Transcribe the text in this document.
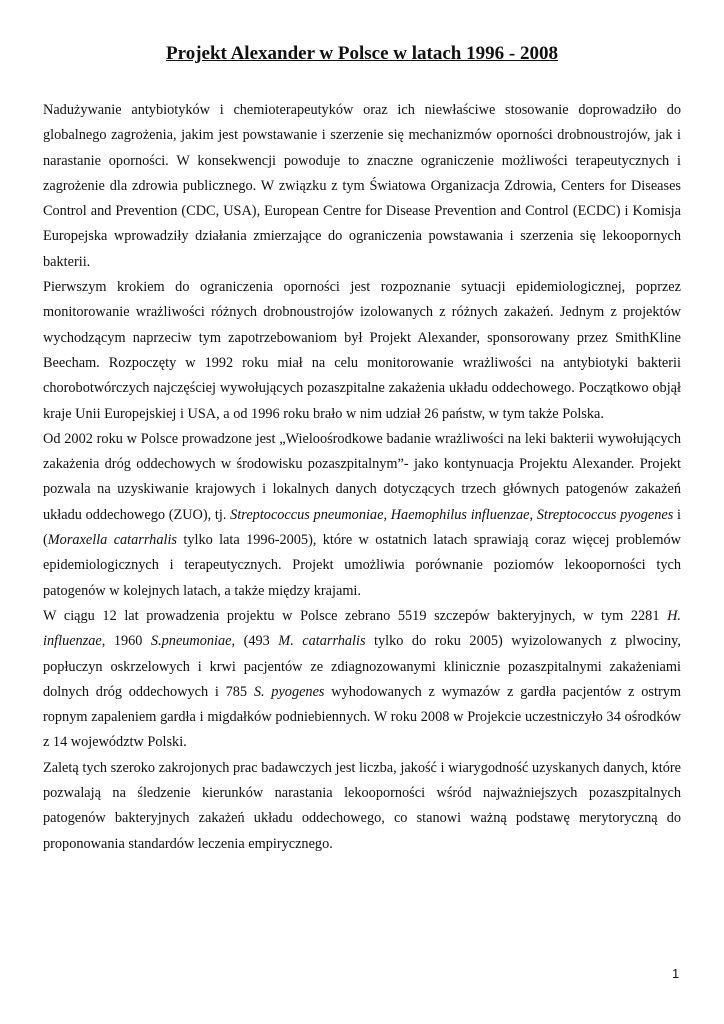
Projekt Alexander w Polsce w latach 1996 - 2008

Nadużywanie antybiotyków i chemioterapeutyków oraz ich niewłaściwe stosowanie doprowadziło do globalnego zagrożenia, jakim jest powstawanie i szerzenie się mechanizmów oporności drobnoustrojów, jak i narastanie oporności. W konsekwencji powoduje to znaczne ograniczenie możliwości terapeutycznych i zagrożenie dla zdrowia publicznego. W związku z tym Światowa Organizacja Zdrowia, Centers for Diseases Control and Prevention (CDC, USA), European Centre for Disease Prevention and Control (ECDC) i Komisja Europejska wprowadziły działania zmierzające do ograniczenia powstawania i szerzenia się lekoopornych bakterii.

Pierwszym krokiem do ograniczenia oporności jest rozpoznanie sytuacji epidemiologicznej, poprzez monitorowanie wrażliwości różnych drobnoustrojów izolowanych z różnych zakażeń. Jednym z projektów wychodzącym naprzeciw tym zapotrzebowaniom był Projekt Alexander, sponsorowany przez SmithKline Beecham. Rozpoczęty w 1992 roku miał na celu monitorowanie wrażliwości na antybiotyki bakterii chorobotwórczych najczęściej wywołujących pozaszpitalne zakażenia układu oddechowego. Początkowo objął kraje Unii Europejskiej i USA, a od 1996 roku brało w nim udział 26 państw, w tym także Polska.

Od 2002 roku w Polsce prowadzone jest „Wieloośrodkowe badanie wrażliwości na leki bakterii wywołujących zakażenia dróg oddechowych w środowisku pozaszpitalnym”- jako kontynuacja Projektu Alexander. Projekt pozwala na uzyskiwanie krajowych i lokalnych danych dotyczących trzech głównych patogenów zakażeń układu oddechowego (ZUO), tj. Streptococcus pneumoniae, Haemophilus influenzae, Streptococcus pyogenes i (Moraxella catarrhalis tylko lata 1996-2005), które w ostatnich latach sprawiają coraz więcej problemów epidemiologicznych i terapeutycznych. Projekt umożliwia porównanie poziomów lekooporności tych patogenów w kolejnych latach, a także między krajami.

W ciągu 12 lat prowadzenia projektu w Polsce zebrano 5519 szczepów bakteryjnych, w tym 2281 H. influenzae, 1960 S.pneumoniae, (493 M. catarrhalis tylko do roku 2005) wyizolowanych z plwociny, popłuczyn oskrzelowych i krwi pacjentów ze zdiagnozowanymi klinicznie pozaszpitalnymi zakażeniami dolnych dróg oddechowych i 785 S. pyogenes wyhodowanych z wymazów z gardła pacjentów z ostrym ropnym zapaleniem gardła i migdałków podniebiennych. W roku 2008 w Projekcie uczestniczyło 34 ośrodków z 14 województw Polski.

Zaletą tych szeroko zakrojonych prac badawczych jest liczba, jakość i wiarygodność uzyskanych danych, które pozwalają na śledzenie kierunków narastania lekooporności wśród najważniejszych pozaszpitalnych patogenów bakteryjnych zakażeń układu oddechowego, co stanowi ważną podstawę merytoryczną do proponowania standardów leczenia empirycznego.

1
